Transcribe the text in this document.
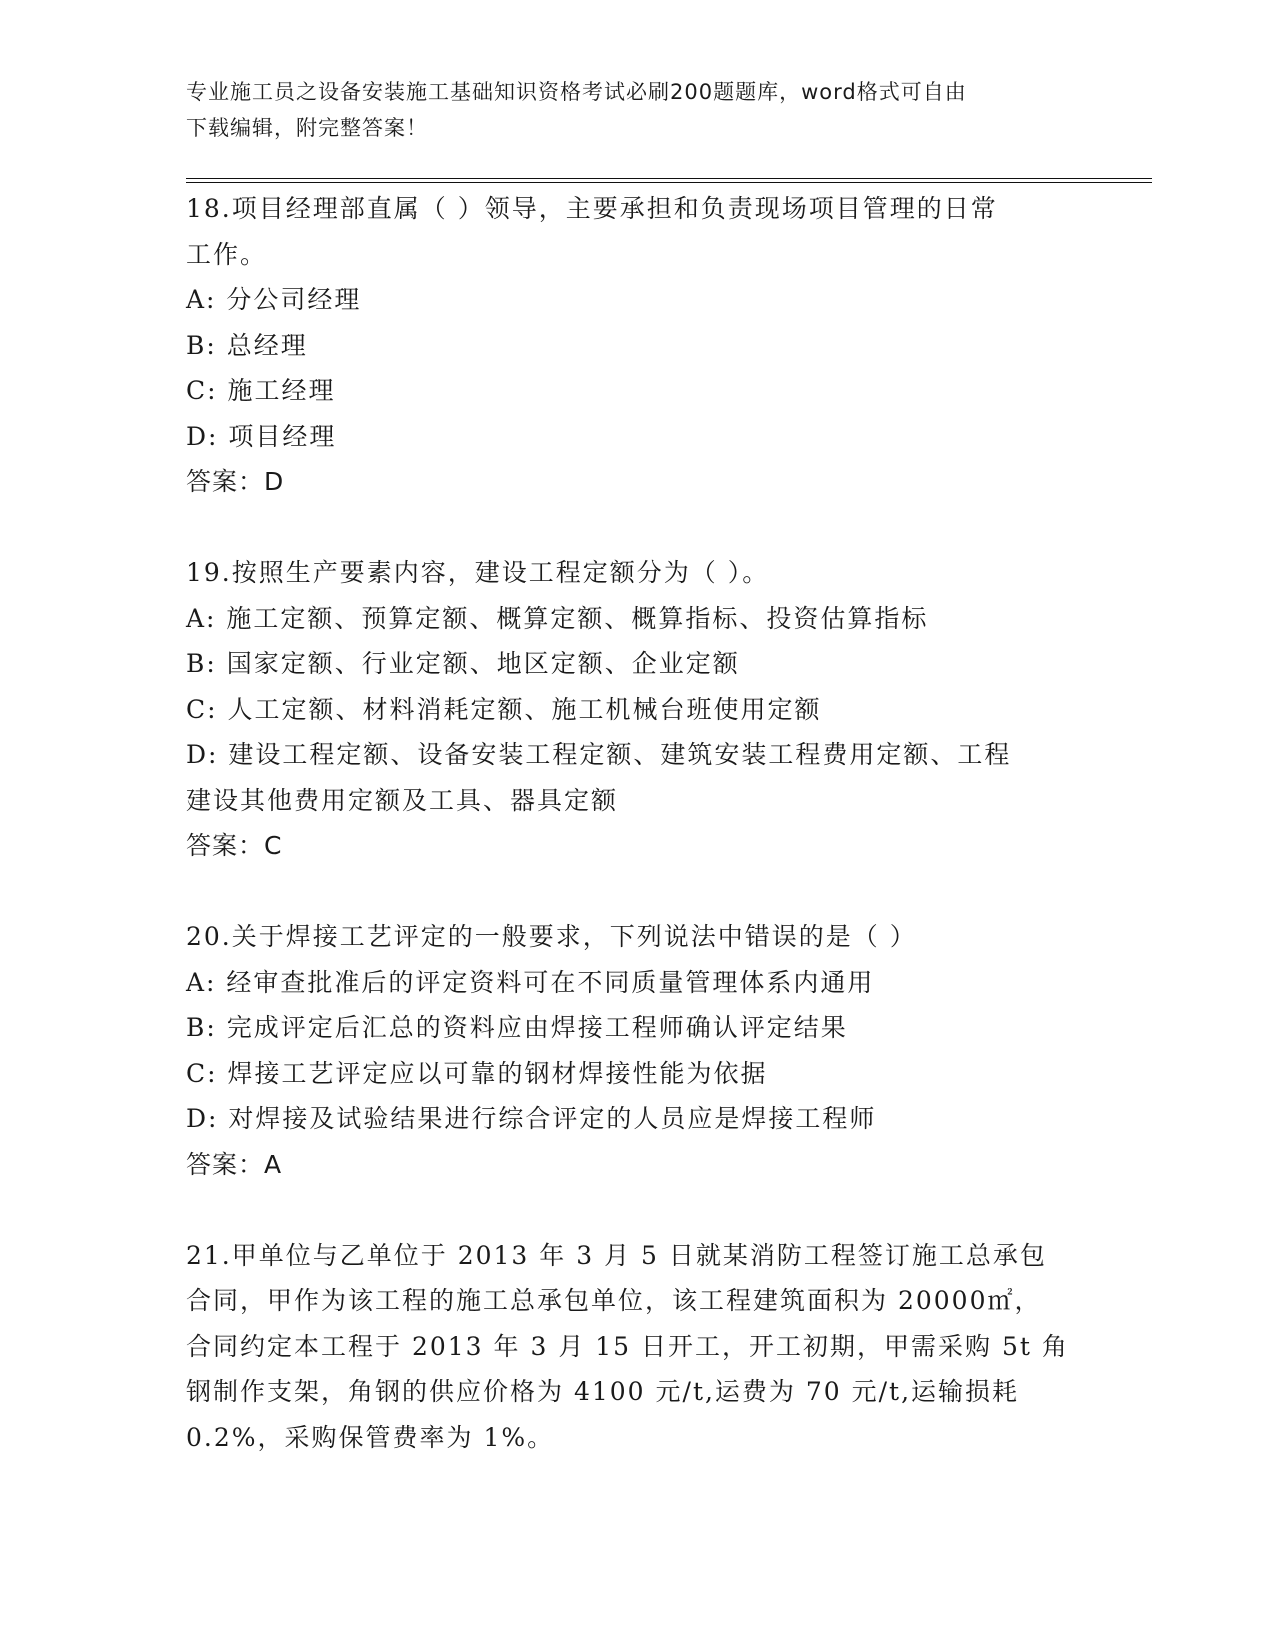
专业施工员之设备安装施工基础知识资格考试必刷200题题库，word格式可自由
下载编辑，附完整答案！
18.项目经理部直属（ ）领导，主要承担和负责现场项目管理的日常
工作。
A: 分公司经理
B: 总经理
C: 施工经理
D: 项目经理
答案：D
19.按照生产要素内容，建设工程定额分为（ ）。
A: 施工定额、预算定额、概算定额、概算指标、投资估算指标
B: 国家定额、行业定额、地区定额、企业定额
C: 人工定额、材料消耗定额、施工机械台班使用定额
D: 建设工程定额、设备安装工程定额、建筑安装工程费用定额、工程
建设其他费用定额及工具、器具定额
答案：C
20.关于焊接工艺评定的一般要求，下列说法中错误的是（ ）
A: 经审查批准后的评定资料可在不同质量管理体系内通用
B: 完成评定后汇总的资料应由焊接工程师确认评定结果
C: 焊接工艺评定应以可靠的钢材焊接性能为依据
D: 对焊接及试验结果进行综合评定的人员应是焊接工程师
答案：A
21.甲单位与乙单位于 2013 年 3 月 5 日就某消防工程签订施工总承包
合同，甲作为该工程的施工总承包单位，该工程建筑面积为 20000㎡，
合同约定本工程于 2013 年 3 月 15 日开工，开工初期，甲需采购 5t 角
钢制作支架，角钢的供应价格为 4100 元/t,运费为 70 元/t,运输损耗
0.2%，采购保管费率为 1%。
